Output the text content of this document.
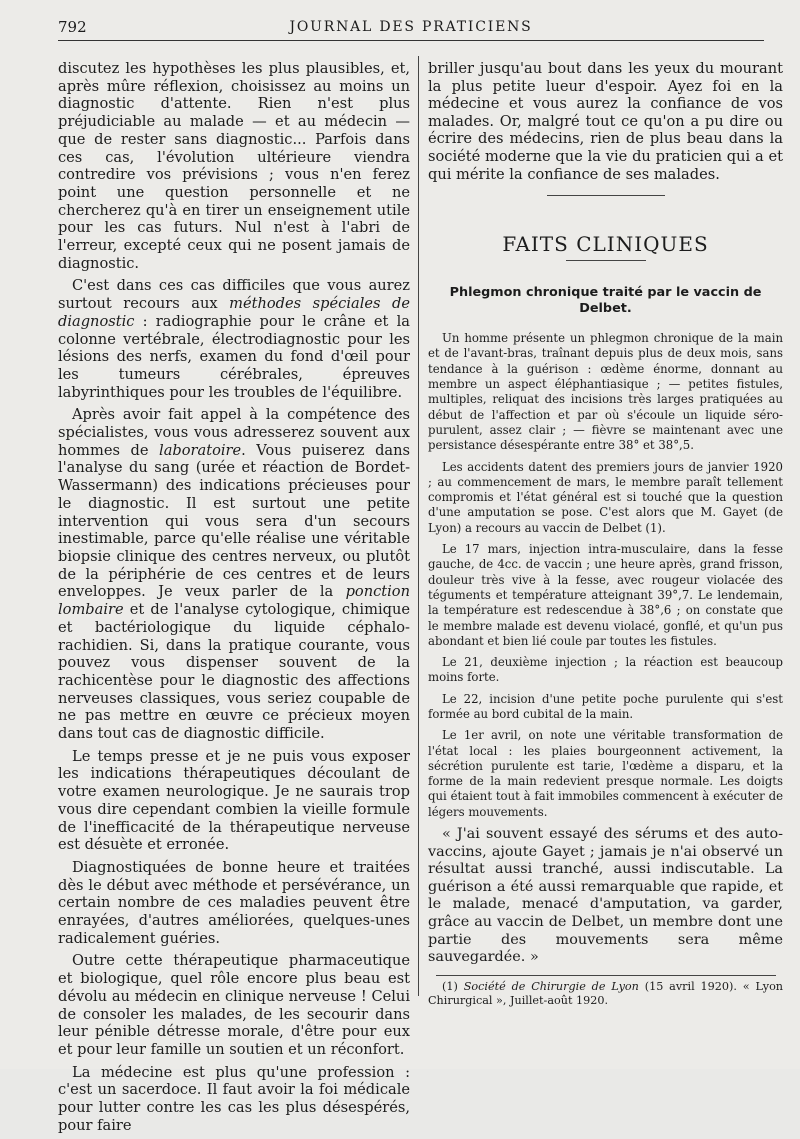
792	JOURNAL DES PRATICIENS

discutez les hypothèses les plus plausibles, et, après mûre réflexion, choisissez au moins un diagnostic d'attente. Rien n'est plus préjudiciable au malade — et au médecin — que de rester sans diagnostic... Parfois dans ces cas, l'évolution ultérieure viendra contredire vos prévisions ; vous n'en ferez point une question personnelle et ne chercherez qu'à en tirer un enseignement utile pour les cas futurs. Nul n'est à l'abri de l'erreur, excepté ceux qui ne posent jamais de diagnostic.

C'est dans ces cas difficiles que vous aurez surtout recours aux méthodes spéciales de diagnostic : radiographie pour le crâne et la colonne vertébrale, électrodiagnostic pour les lésions des nerfs, examen du fond d'œil pour les tumeurs cérébrales, épreuves labyrinthiques pour les troubles de l'équilibre.

Après avoir fait appel à la compétence des spécialistes, vous vous adresserez souvent aux hommes de laboratoire. Vous puiserez dans l'analyse du sang (urée et réaction de Bordet-Wassermann) des indications précieuses pour le diagnostic. Il est surtout une petite intervention qui vous sera d'un secours inestimable, parce qu'elle réalise une véritable biopsie clinique des centres nerveux, ou plutôt de la périphérie de ces centres et de leurs enveloppes. Je veux parler de la ponction lombaire et de l'analyse cytologique, chimique et bactériologique du liquide céphalo-rachidien. Si, dans la pratique courante, vous pouvez vous dispenser souvent de la rachicentèse pour le diagnostic des affections nerveuses classiques, vous seriez coupable de ne pas mettre en œuvre ce précieux moyen dans tout cas de diagnostic difficile.

Le temps presse et je ne puis vous exposer les indications thérapeutiques découlant de votre examen neurologique. Je ne saurais trop vous dire cependant combien la vieille formule de l'inefficacité de la thérapeutique nerveuse est désuète et erronée.

Diagnostiquées de bonne heure et traitées dès le début avec méthode et persévérance, un certain nombre de ces maladies peuvent être enrayées, d'autres améliorées, quelques-unes radicalement guéries.

Outre cette thérapeutique pharmaceutique et biologique, quel rôle encore plus beau est dévolu au médecin en clinique nerveuse ! Celui de consoler les malades, de les secourir dans leur pénible détresse morale, d'être pour eux et pour leur famille un soutien et un réconfort.

La médecine est plus qu'une profession : c'est un sacerdoce. Il faut avoir la foi médicale pour lutter contre les cas les plus désespérés, pour faire

briller jusqu'au bout dans les yeux du mourant la plus petite lueur d'espoir. Ayez foi en la médecine et vous aurez la confiance de vos malades. Or, malgré tout ce qu'on a pu dire ou écrire des médecins, rien de plus beau dans la société moderne que la vie du praticien qui a et qui mérite la confiance de ses malades.

FAITS CLINIQUES
Phlegmon chronique traité par le vaccin de Delbet.

Un homme présente un phlegmon chronique de la main et de l'avant-bras, traînant depuis plus de deux mois, sans tendance à la guérison : œdème énorme, donnant au membre un aspect éléphantiasique ; — petites fistules, multiples, reliquat des incisions très larges pratiquées au début de l'affection et par où s'écoule un liquide séro-purulent, assez clair ; — fièvre se maintenant avec une persistance désespérante entre 38° et 38°,5.

Les accidents datent des premiers jours de janvier 1920 ; au commencement de mars, le membre paraît tellement compromis et l'état général est si touché que la question d'une amputation se pose. C'est alors que M. Gayet (de Lyon) a recours au vaccin de Delbet (1).

Le 17 mars, injection intra-musculaire, dans la fesse gauche, de 4cc. de vaccin ; une heure après, grand frisson, douleur très vive à la fesse, avec rougeur violacée des téguments et température atteignant 39°,7. Le lendemain, la température est redescendue à 38°,6 ; on constate que le membre malade est devenu violacé, gonflé, et qu'un pus abondant et bien lié coule par toutes les fistules.

Le 21, deuxième injection ; la réaction est beaucoup moins forte.

Le 22, incision d'une petite poche purulente qui s'est formée au bord cubital de la main.

Le 1er avril, on note une véritable transformation de l'état local : les plaies bourgeonnent activement, la sécrétion purulente est tarie, l'œdème a disparu, et la forme de la main redevient presque normale. Les doigts qui étaient tout à fait immobiles commencent à exécuter de légers mouvements.

« J'ai souvent essayé des sérums et des auto-vaccins, ajoute Gayet ; jamais je n'ai observé un résultat aussi tranché, aussi indiscutable. La guérison a été aussi remarquable que rapide, et le malade, menacé d'amputation, va garder, grâce au vaccin de Delbet, un membre dont une partie des mouvements sera même sauvegardée. »

(1) Société de Chirurgie de Lyon (15 avril 1920). « Lyon Chirurgical », Juillet-août 1920.
